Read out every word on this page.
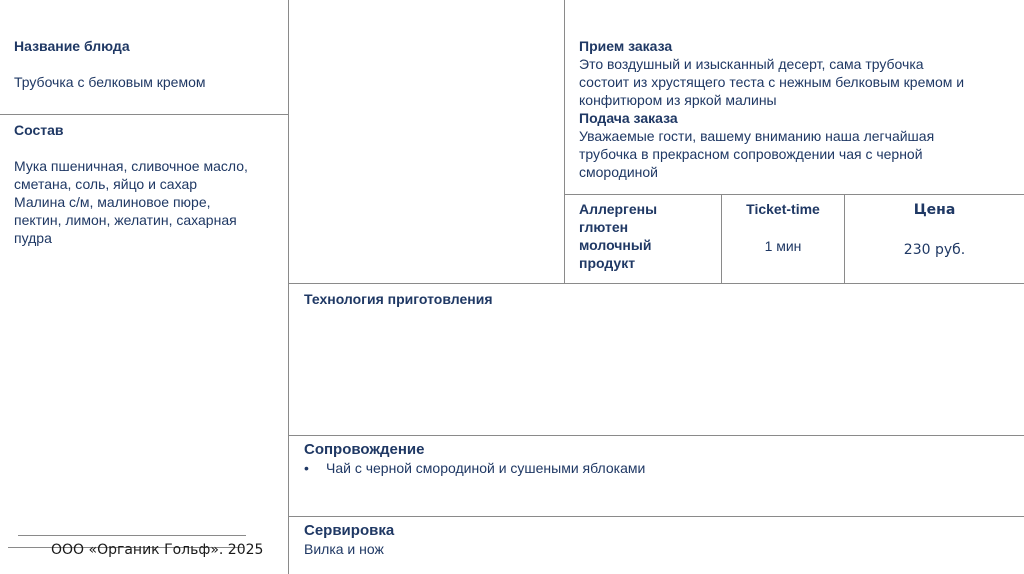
Название блюда

Трубочка с белковым кремом

Состав

Мука пшеничная, сливочное масло,

сметана, соль, яйцо и сахар

Малина с/м, малиновое пюре,

пектин, лимон, желатин, сахарная

пудра

Прием заказа

Это воздушный и изысканный десерт, сама трубочка

состоит из хрустящего теста с нежным белковым кремом и

конфитюром из яркой малины

Подача заказа

Уважаемые гости, вашему вниманию наша легчайшая

трубочка в прекрасном сопровождении чая с черной

смородиной

Аллергены

глютен

молочный

продукт

Ticket-time

1 мин

Цена

230 руб.

Технология приготовления

Сопровождение

•	Чай с черной смородиной и сушеными яблоками

Сервировка

Вилка и нож

ООО «Органик Гольф». 2025
